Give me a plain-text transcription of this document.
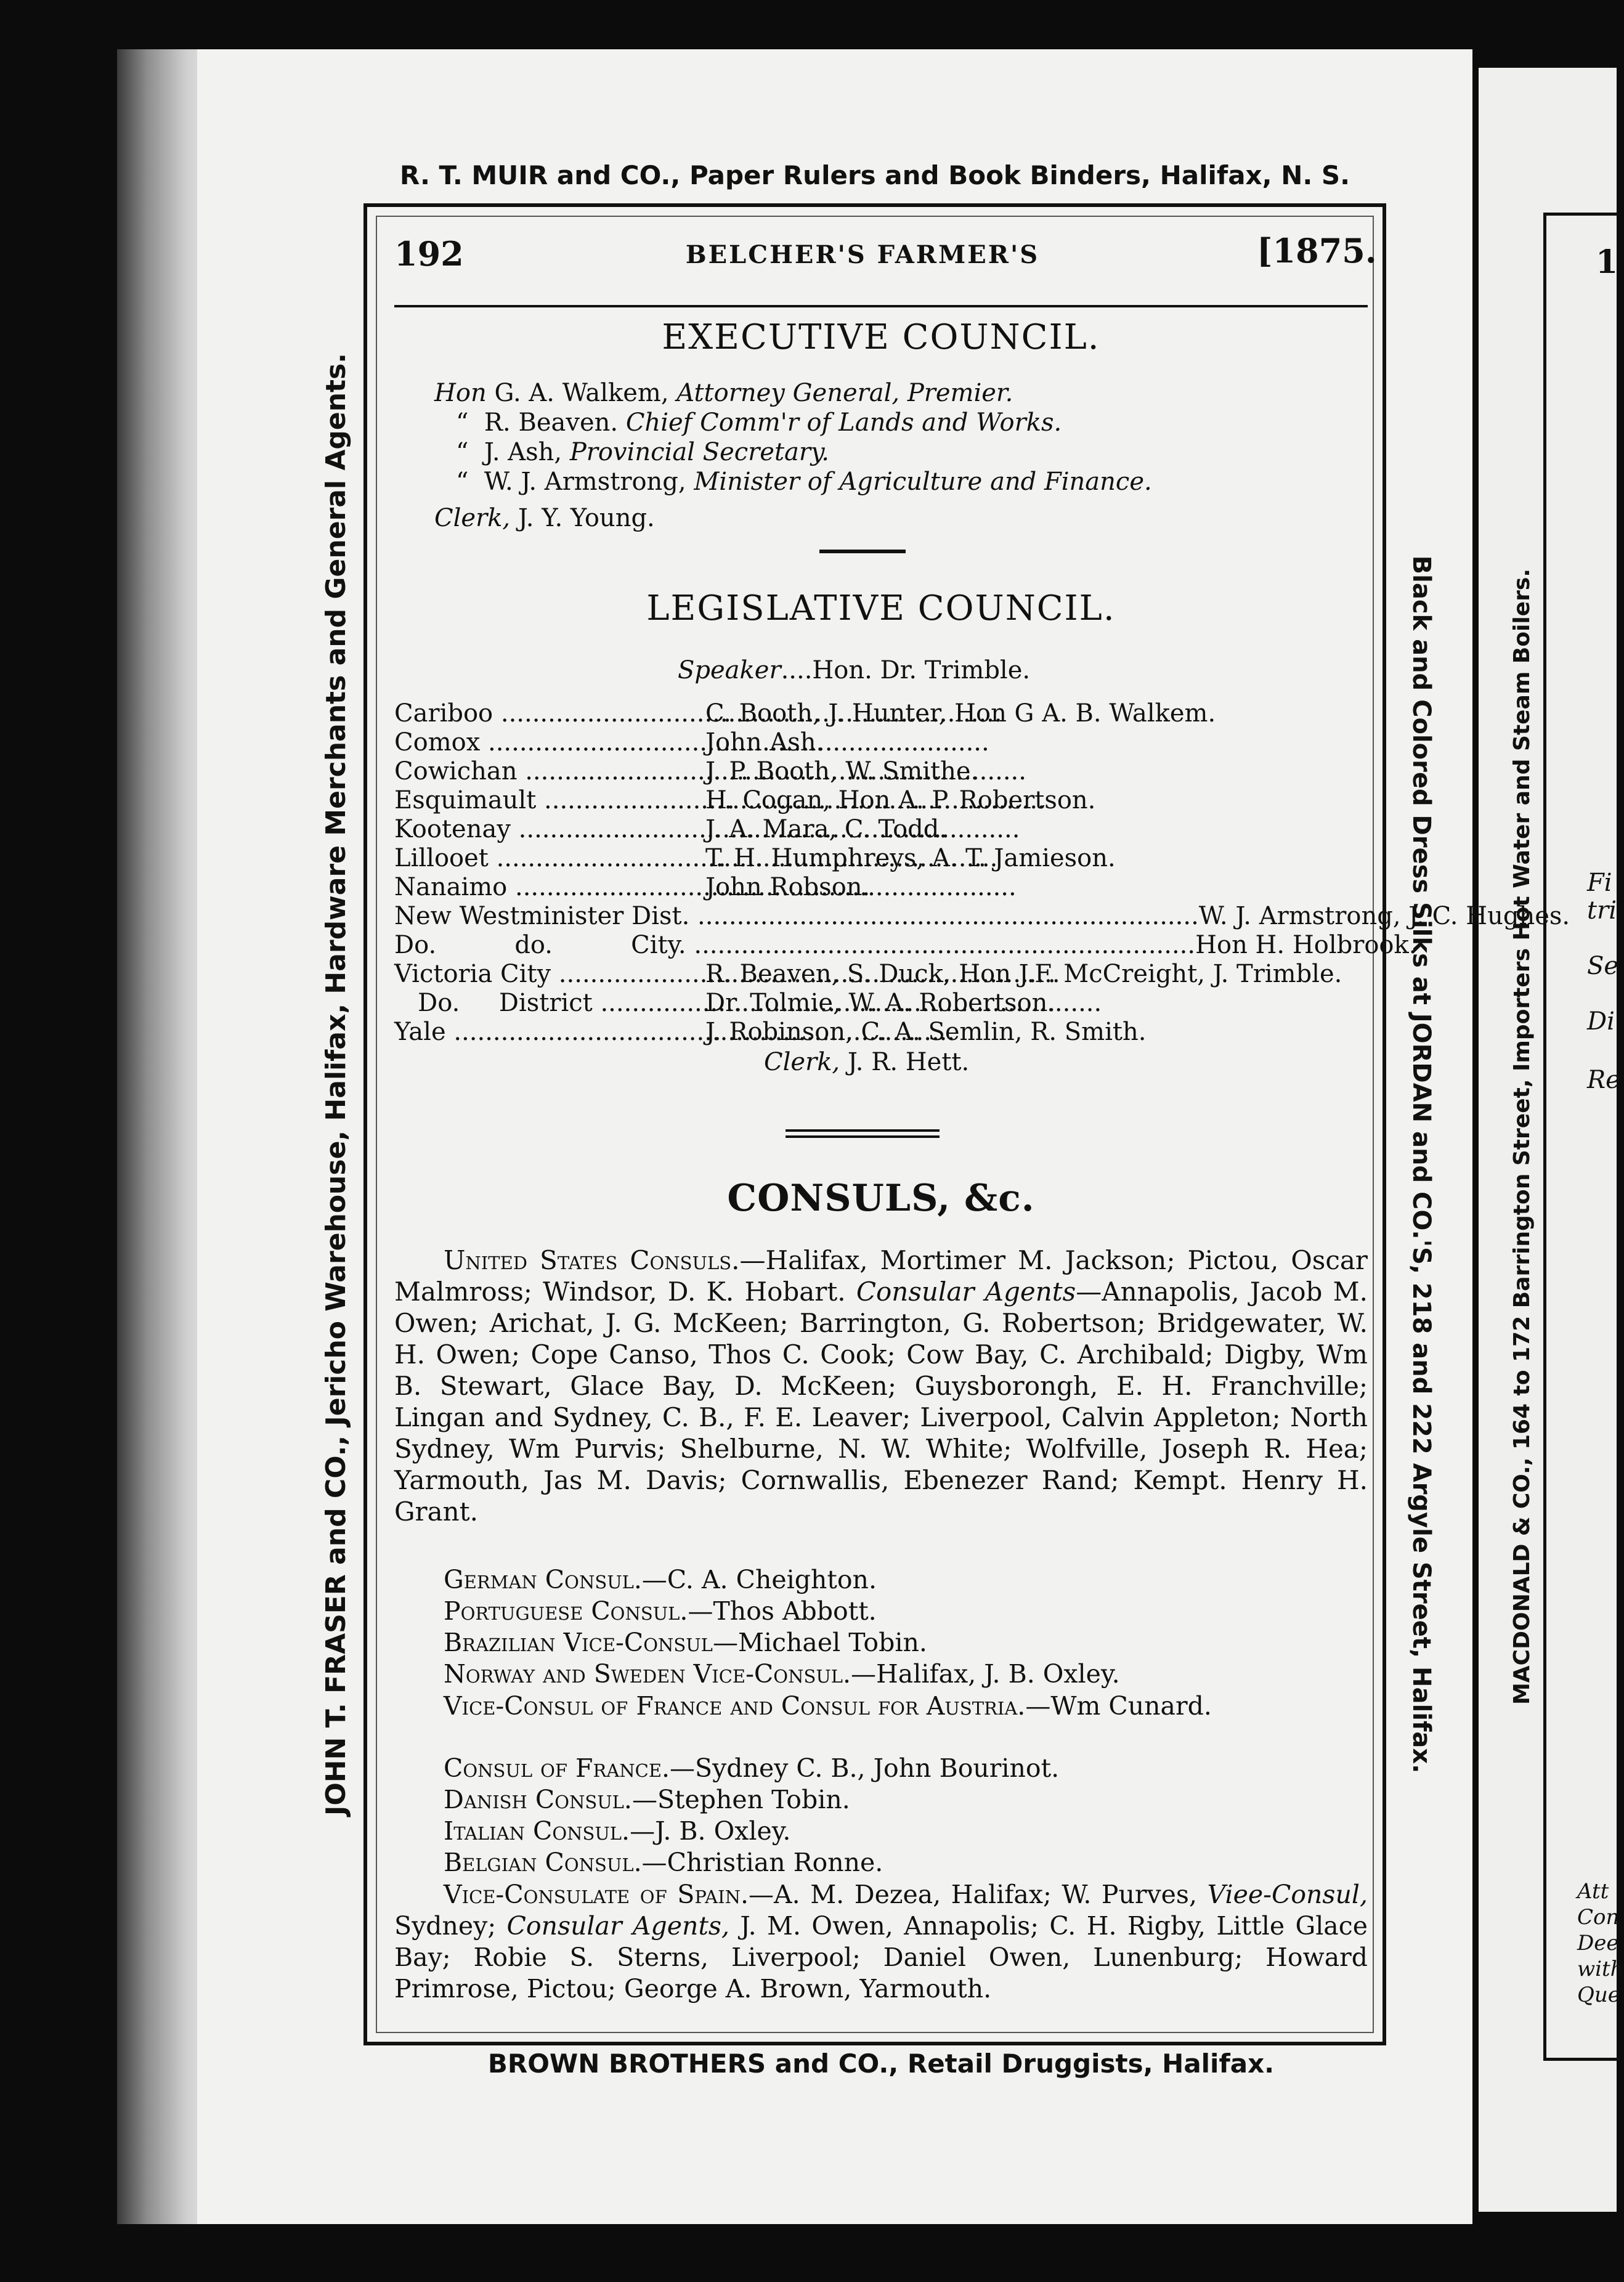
1
Fi
tri
Se
Di
Re
Att
Con
Dee
with
Que
MACDONALD & CO., 164 to 172 Barrington Street, Importers Hot Water and Steam Boilers.
R. T. MUIR and CO., Paper Rulers and Book Binders, Halifax, N. S.
BROWN BROTHERS and CO., Retail Druggists, Halifax.
JOHN T. FRASER and CO., Jericho Warehouse, Halifax, Hardware Merchants and General Agents.	Black and Colored Dress Silks at JORDAN and CO.'S, 218 and 222 Argyle Street, Halifax.
192	BELCHER'S FARMER'S	[1875.
EXECUTIVE COUNCIL.
Hon G. A. Walkem, Attorney General, Premier.
“ R. Beaven. Chief Comm'r of Lands and Works.
“ J. Ash, Provincial Secretary.
“ W. J. Armstrong, Minister of Agriculture and Finance.
Clerk, J. Y. Young.
LEGISLATIVE COUNCIL.
Speaker....Hon. Dr. Trimble.
Cariboo .....	C. Booth, J. Hunter, Hon G A. B. Walkem.
Comox .....	John Ash.
Cowichan .....	J. P. Booth, W. Smithe.
Esquimault .....	H. Cogan, Hon A. P. Robertson.
Kootenay .....	J. A. Mara, C. Todd.
Lillooet .....	T. H. Humphreys, A. T. Jamieson.
Nanaimo .....	John Robson.
New Westminister Dist. .....	W. J. Armstrong, J. C. Hughes.
Do.          do.          City. .....	Hon H. Holbrook.
Victoria City .....	R. Beaven, S. Duck, Hon J.F. McCreight, J. Trimble.
Do.     District .....	Dr. Tolmie, W. A. Robertson.
Yale .....	J. Robinson, C. A. Semlin, R. Smith.
Clerk, J. R. Hett.
CONSULS, &c.
United States Consuls.—Halifax, Mortimer M. Jackson; Pictou, Oscar Malmross; Windsor, D. K. Hobart. Consular Agents—Annapolis, Jacob M. Owen; Arichat, J. G. McKeen; Barrington, G. Robertson; Bridgewater, W. H. Owen; Cope Canso, Thos C. Cook; Cow Bay, C. Archibald; Digby, Wm B. Stewart, Glace Bay, D. McKeen; Guysborongh, E. H. Franchville; Lingan and Sydney, C. B., F. E. Leaver; Liverpool, Calvin Appleton; North Sydney, Wm Purvis; Shelburne, N. W. White; Wolfville, Joseph R. Hea; Yarmouth, Jas M. Davis; Cornwallis, Ebenezer Rand; Kempt. Henry H. Grant.
German Consul.—C. A. Cheighton.
Portuguese Consul.—Thos Abbott.
Brazilian Vice-Consul—Michael Tobin.
Norway and Sweden Vice-Consul.—Halifax, J. B. Oxley.
Vice-Consul of France and Consul for Austria.—Wm Cunard.
Consul of France.—Sydney C. B., John Bourinot.
Danish Consul.—Stephen Tobin.
Italian Consul.—J. B. Oxley.
Belgian Consul.—Christian Ronne.
Vice-Consulate of Spain.—A. M. Dezea, Halifax; W. Purves, Viee-Consul, Sydney; Consular Agents, J. M. Owen, Annapolis; C. H. Rigby, Little Glace Bay; Robie S. Sterns, Liverpool; Daniel Owen, Lunenburg; Howard Primrose, Pictou; George A. Brown, Yarmouth.
